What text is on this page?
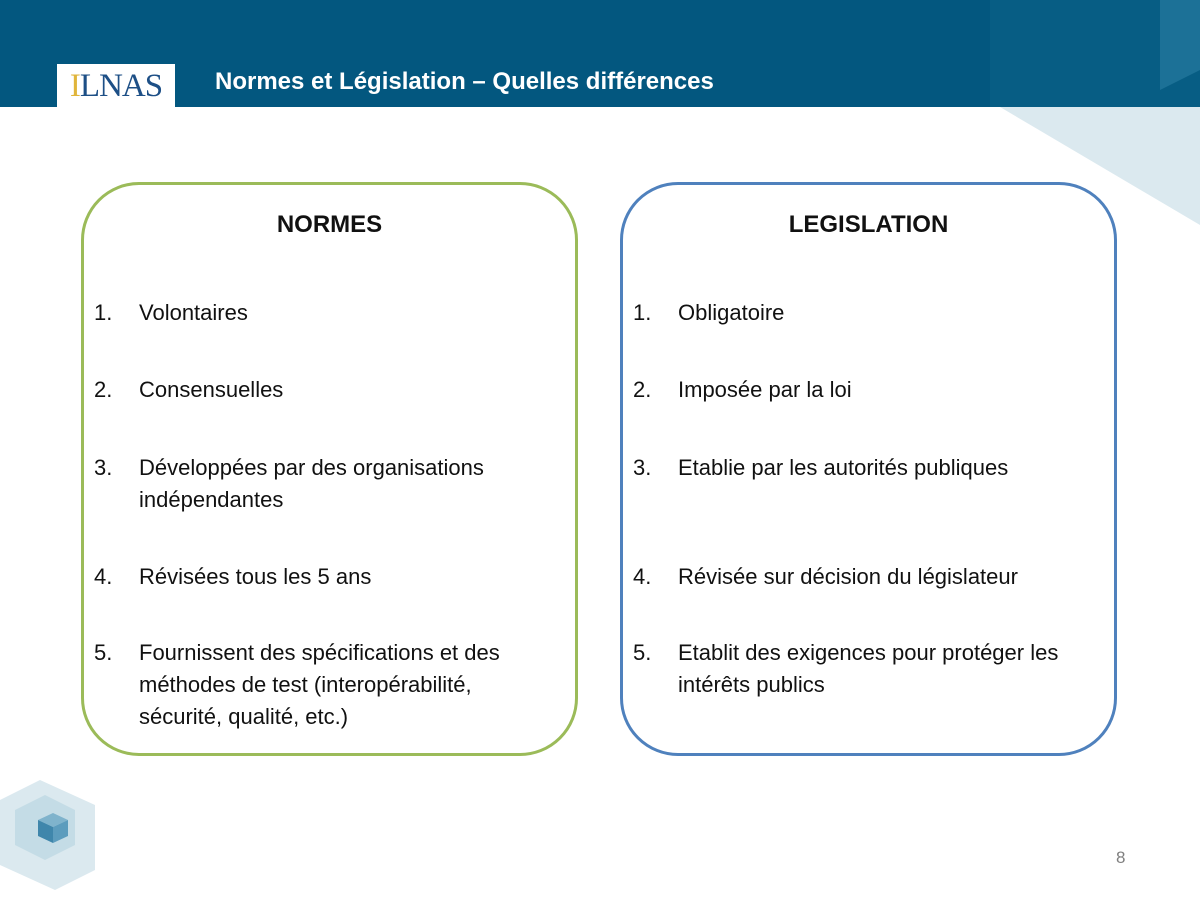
ILNAS	Normes et Législation – Quelles différences
NORMES
1. Volontaires
2. Consensuelles
3. Développées par des organisations
indépendantes
4. Révisées tous les 5 ans
5. Fournissent des spécifications et des
méthodes de test (interopérabilité,
sécurité, qualité, etc.)
LEGISLATION
1. Obligatoire
2. Imposée par la loi
3. Etablie par les autorités publiques
4. Révisée sur décision du législateur
5. Etablit des exigences pour protéger les
intérêts publics
8
